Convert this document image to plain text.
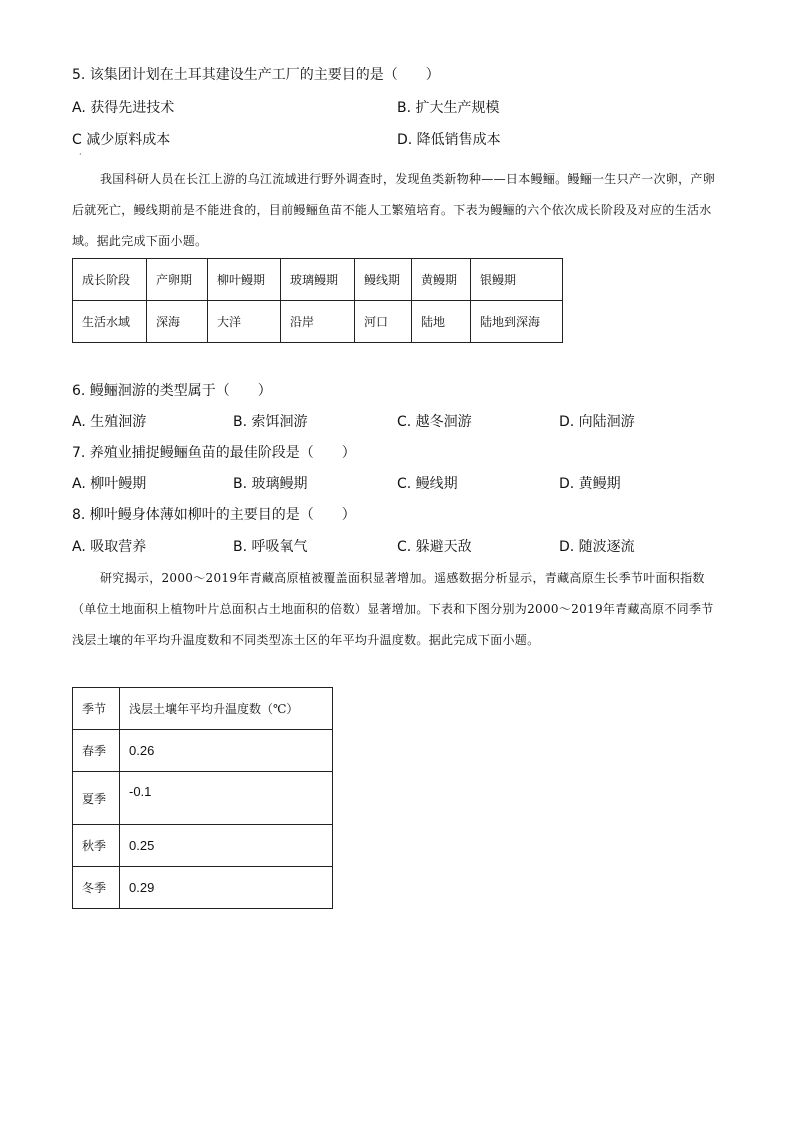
5. 该集团计划在土耳其建设生产工厂的主要目的是（　　）
A. 获得先进技术	B. 扩大生产规模
C 减少原料成本	D. 降低销售成本
·
我国科研人员在长江上游的乌江流域进行野外调查时，发现鱼类新物种——日本鳗鲡。鳗鲡一生只产一次卵，产卵后就死亡，鳗线期前是不能进食的，目前鳗鲡鱼苗不能人工繁殖培育。下表为鳗鲡的六个依次成长阶段及对应的生活水域。据此完成下面小题。
成长阶段	产卵期	柳叶鳗期	玻璃鳗期	鳗线期	黄鳗期	银鳗期
生活水域	深海	大洋	沿岸	河口	陆地	陆地到深海
6. 鳗鲡洄游的类型属于（　　）
A. 生殖洄游	B. 索饵洄游	C. 越冬洄游	D. 向陆洄游
7. 养殖业捕捉鳗鲡鱼苗的最佳阶段是（　　）
A. 柳叶鳗期	B. 玻璃鳗期	C. 鳗线期	D. 黄鳗期
8. 柳叶鳗身体薄如柳叶的主要目的是（　　）
A. 吸取营养	B. 呼吸氧气	C. 躲避天敌	D. 随波逐流
研究揭示，2000～2019年青藏高原植被覆盖面积显著增加。遥感数据分析显示，青藏高原生长季节叶面积指数（单位土地面积上植物叶片总面积占土地面积的倍数）显著增加。下表和下图分别为2000～2019年青藏高原不同季节浅层土壤的年平均升温度数和不同类型冻土区的年平均升温度数。据此完成下面小题。
季节	浅层土壤年平均升温度数（℃）
春季	0.26
夏季	-0.1
秋季	0.25
冬季	0.29
